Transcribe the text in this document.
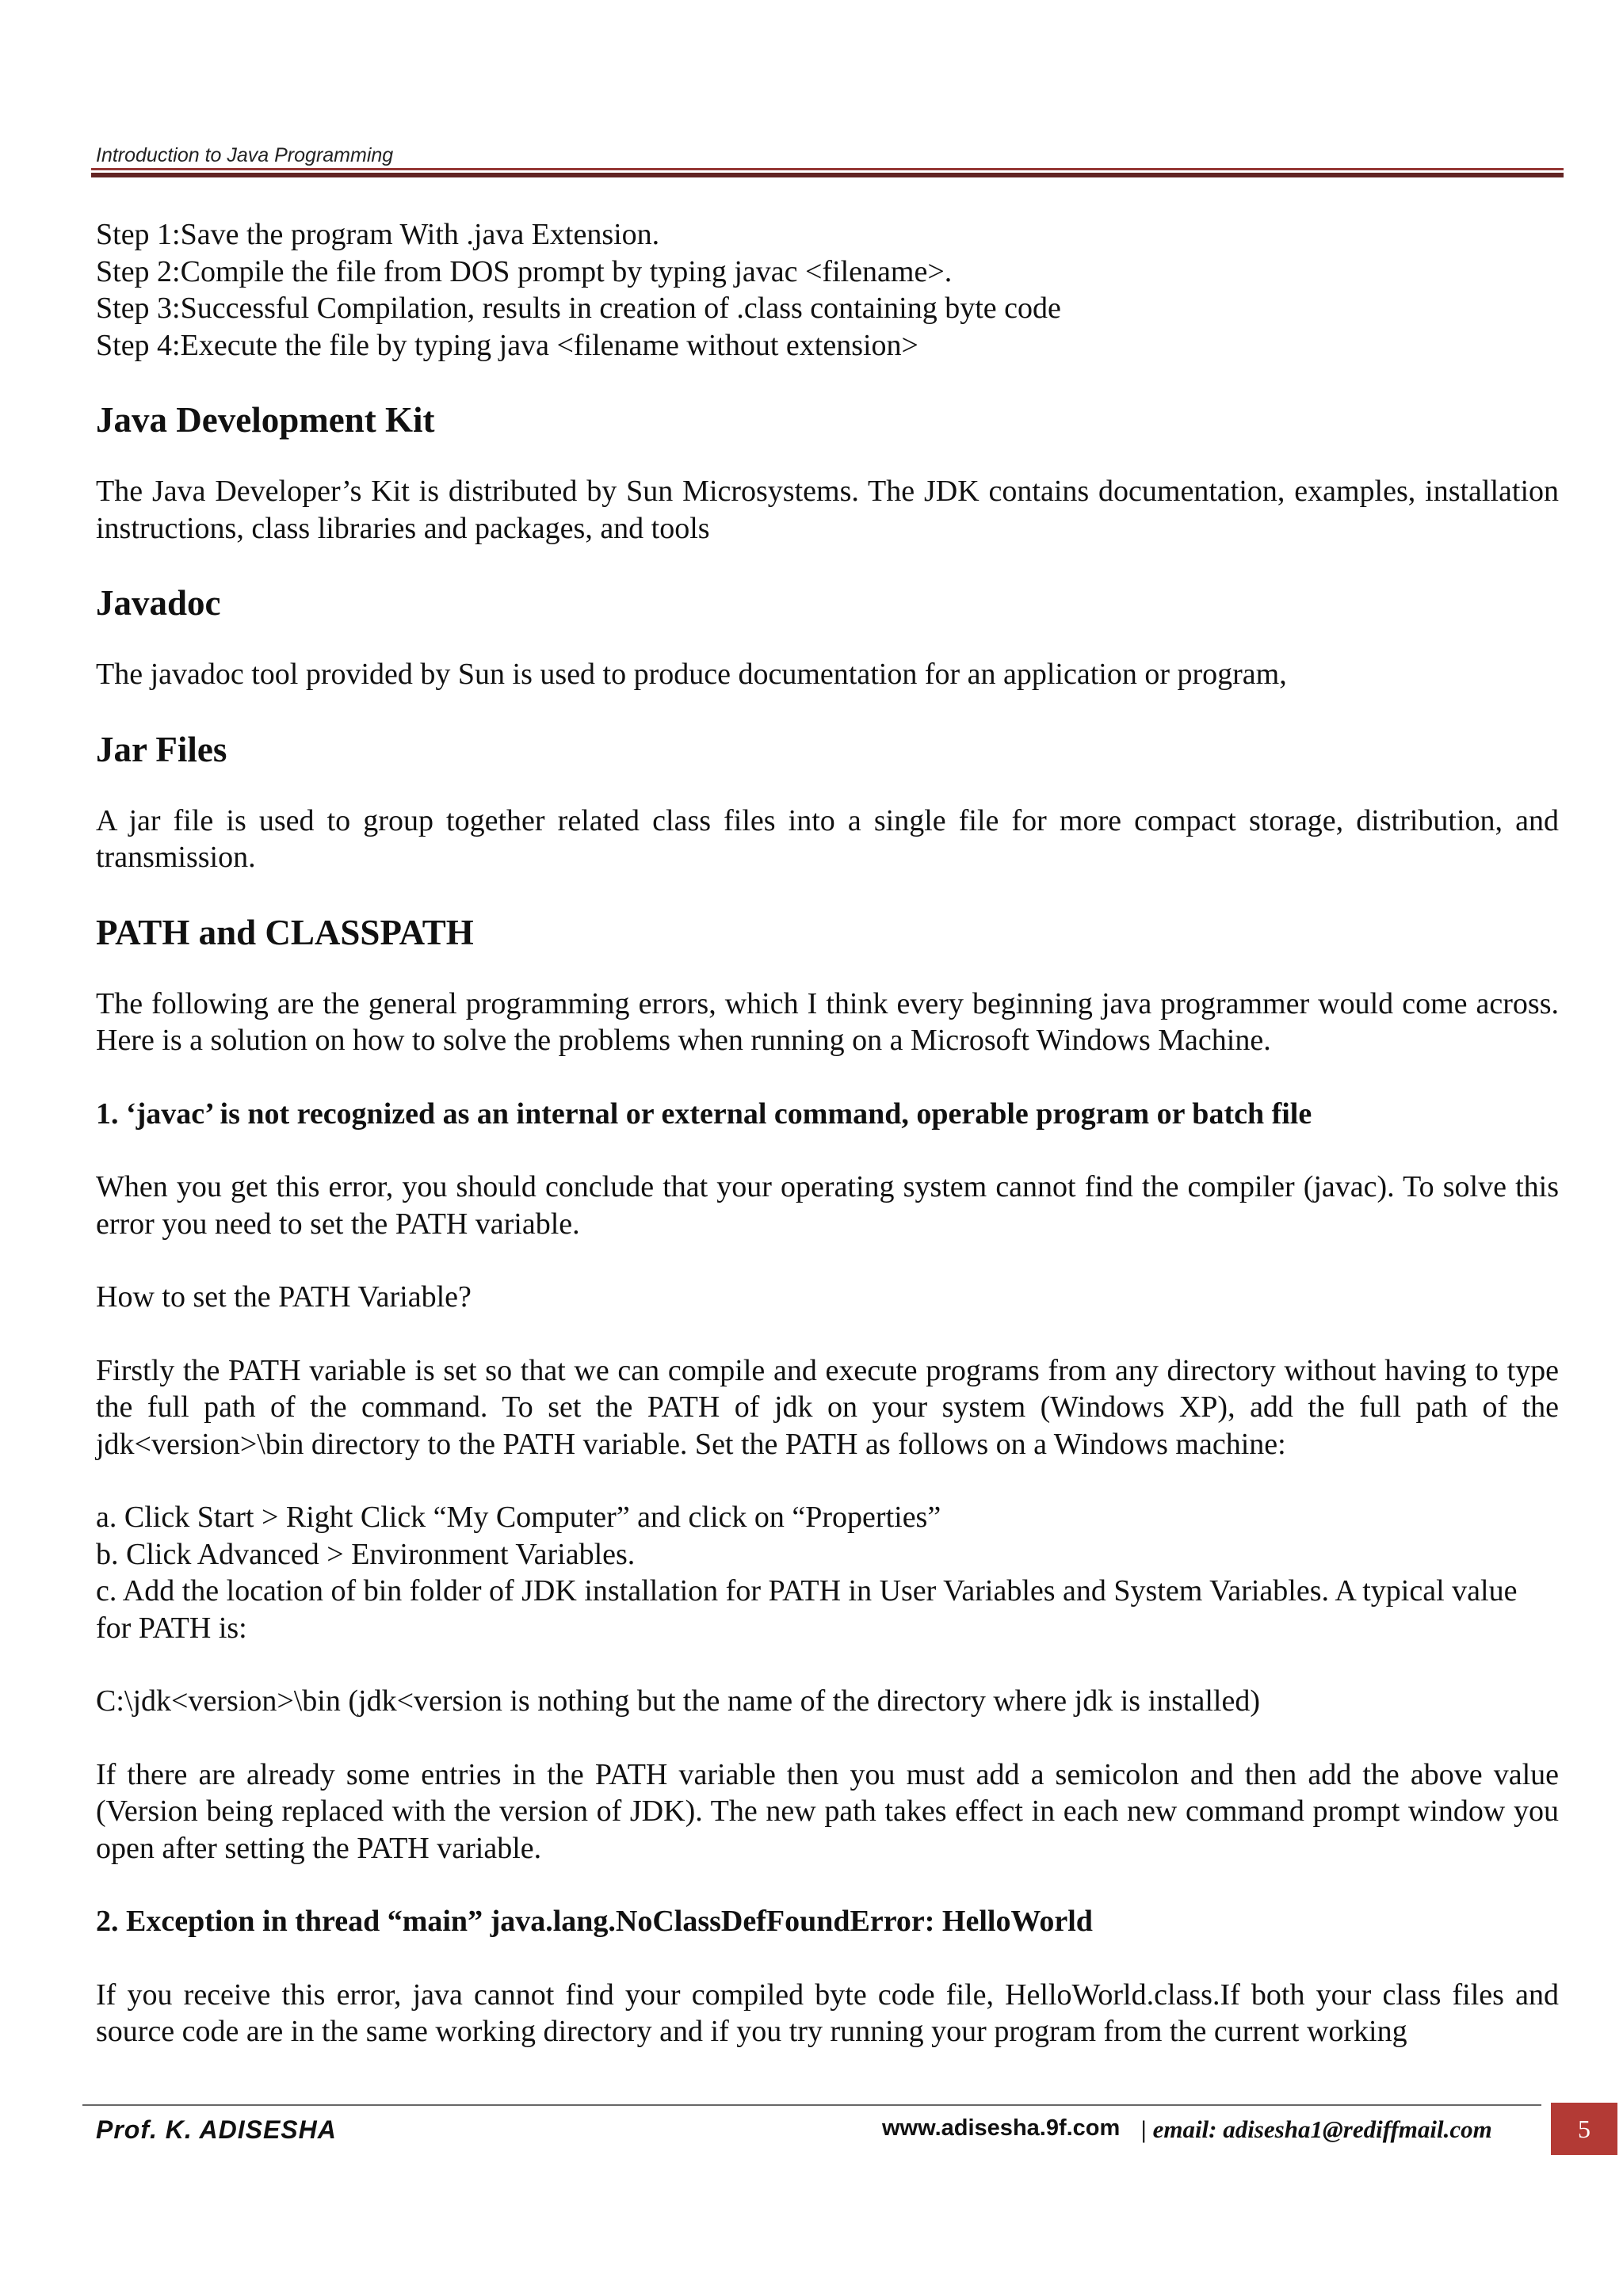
Introduction to Java Programming

Step 1:Save the program With .java Extension.

Step 2:Compile the file from DOS prompt by typing javac <filename>.

Step 3:Successful Compilation, results in creation of .class containing byte code

Step 4:Execute the file by typing java <filename without extension>

Java Development Kit

The Java Developer’s Kit is distributed by Sun Microsystems. The JDK contains documentation, examples, installation instructions, class libraries and packages, and tools

Javadoc

The javadoc tool provided by Sun is used to produce documentation for an application or program,

Jar Files

A jar file is used to group together related class files into a single file for more compact storage, distribution, and transmission.

PATH and CLASSPATH

The following are the general programming errors, which I think every beginning java programmer would come across. Here is a solution on how to solve the problems when running on a Microsoft Windows Machine.

1. ‘javac’ is not recognized as an internal or external command, operable program or batch file

When you get this error, you should conclude that your operating system cannot find the compiler (javac). To solve this error you need to set the PATH variable.

How to set the PATH Variable?

Firstly the PATH variable is set so that we can compile and execute programs from any directory without having to type the full path of the command. To set the PATH of jdk on your system (Windows XP), add the full path of the jdk<version>\bin directory to the PATH variable. Set the PATH as follows on a Windows machine:

a. Click Start > Right Click “My Computer” and click on “Properties”

b. Click Advanced > Environment Variables.

c. Add the location of bin folder of JDK installation for PATH in User Variables and System Variables. A typical value for PATH is:

C:\jdk<version>\bin (jdk<version is nothing but the name of the directory where jdk is installed)

If there are already some entries in the PATH variable then you must add a semicolon and then add the above value (Version being replaced with the version of JDK). The new path takes effect in each new command prompt window you open after setting the PATH variable.

2. Exception in thread “main” java.lang.NoClassDefFoundError: HelloWorld

If you receive this error, java cannot find your compiled byte code file, HelloWorld.class.If both your class files and source code are in the same working directory and if you try running your program from the current working

Prof. K. ADISESHA	www.adisesha.9f.com | email: adisesha1@rediffmail.com	5
